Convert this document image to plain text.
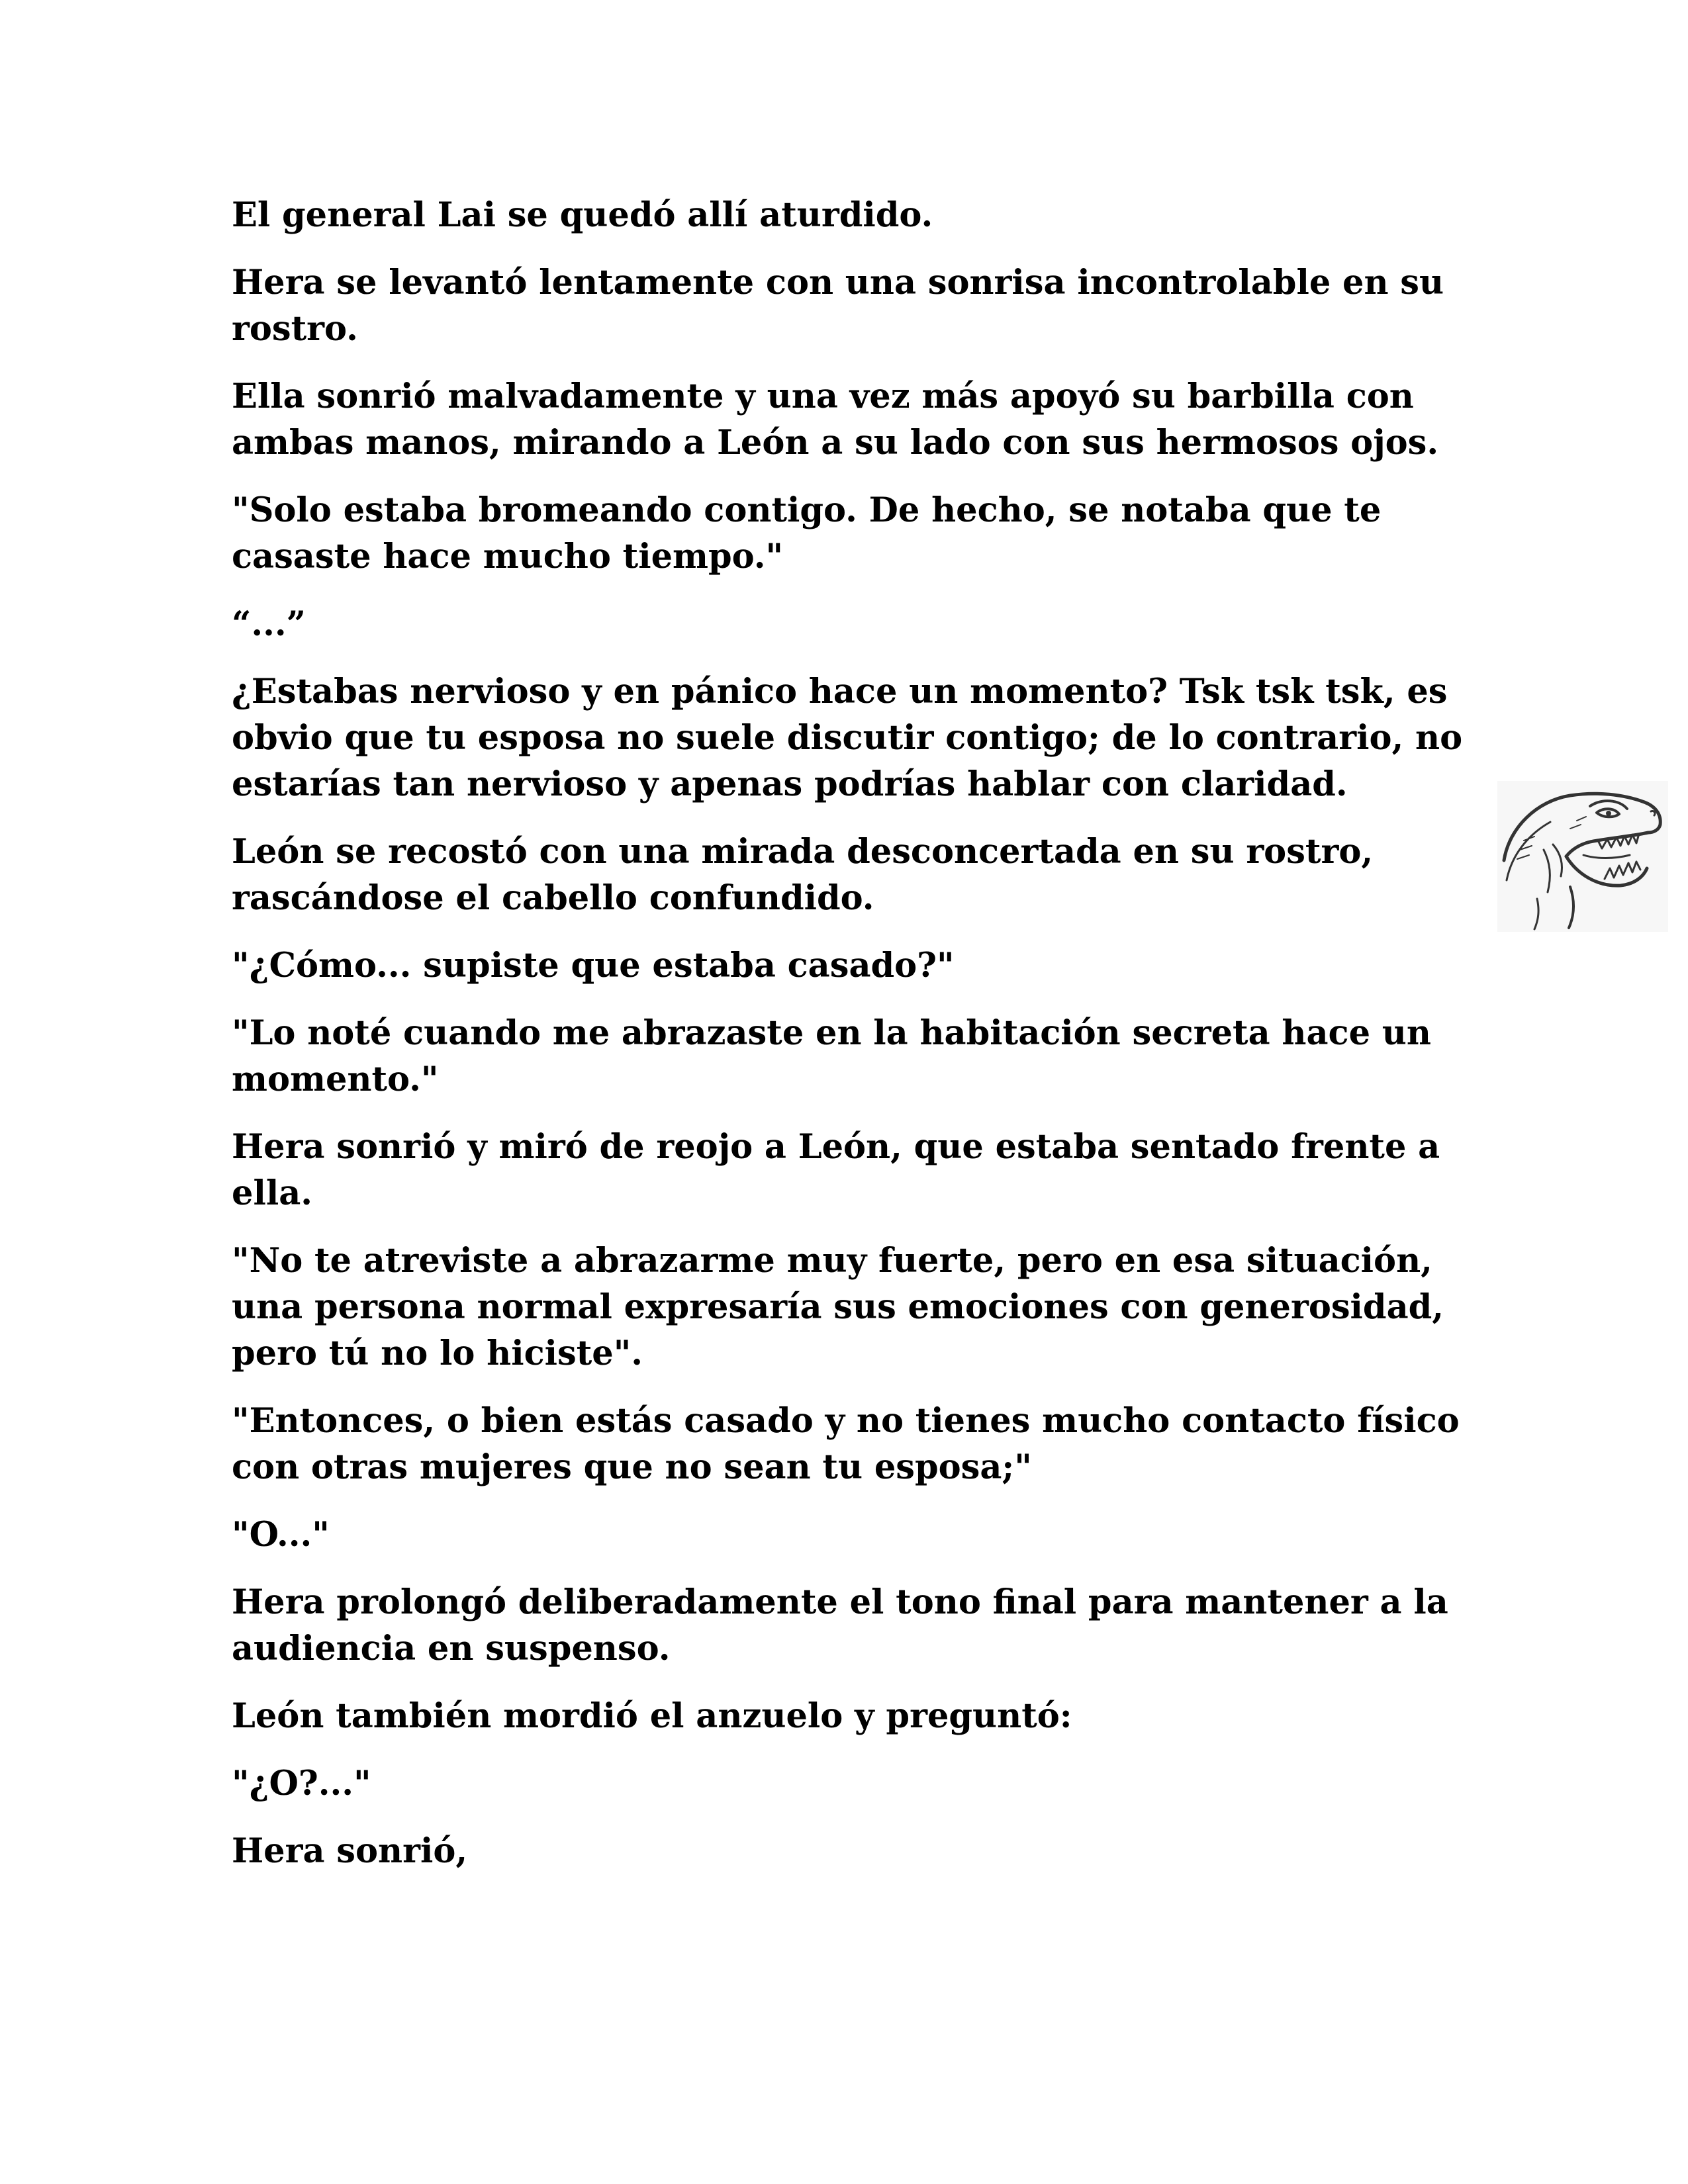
El general Lai se quedó allí aturdido.

Hera se levantó lentamente con una sonrisa incontrolable en su rostro.

Ella sonrió malvadamente y una vez más apoyó su barbilla con ambas manos, mirando a León a su lado con sus hermosos ojos.

"Solo estaba bromeando contigo. De hecho, se notaba que te casaste hace mucho tiempo."

“...”

¿Estabas nervioso y en pánico hace un momento? Tsk tsk tsk, es obvio que tu esposa no suele discutir contigo; de lo contrario, no estarías tan nervioso y apenas podrías hablar con claridad.

León se recostó con una mirada desconcertada en su rostro, rascándose el cabello confundido.

"¿Cómo... supiste que estaba casado?"

"Lo noté cuando me abrazaste en la habitación secreta hace un momento."

Hera sonrió y miró de reojo a León, que estaba sentado frente a ella.

"No te atreviste a abrazarme muy fuerte, pero en esa situación, una persona normal expresaría sus emociones con generosidad, pero tú no lo hiciste".

"Entonces, o bien estás casado y no tienes mucho contacto físico con otras mujeres que no sean tu esposa;"

"O..."

Hera prolongó deliberadamente el tono final para mantener a la audiencia en suspenso.

León también mordió el anzuelo y preguntó:

"¿O?..."

Hera sonrió,
